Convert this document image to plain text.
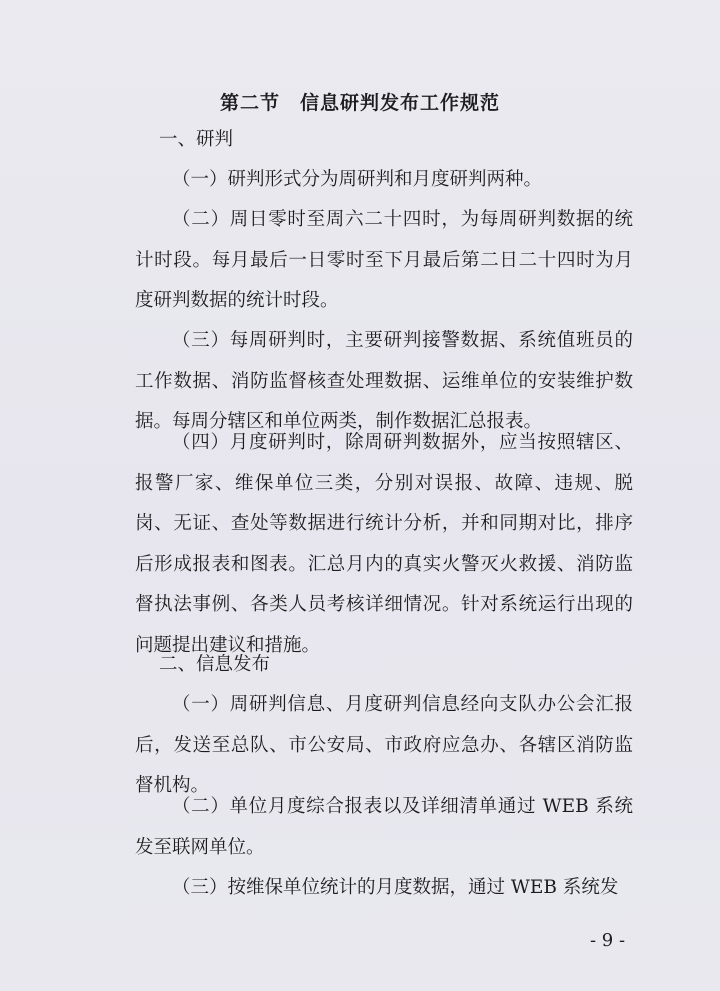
第二节　信息研判发布工作规范

一、研判

（一）研判形式分为周研判和月度研判两种。

（二）周日零时至周六二十四时，为每周研判数据的统计时段。每月最后一日零时至下月最后第二日二十四时为月度研判数据的统计时段。

（三）每周研判时，主要研判接警数据、系统值班员的工作数据、消防监督核查处理数据、运维单位的安装维护数据。每周分辖区和单位两类，制作数据汇总报表。

（四）月度研判时，除周研判数据外，应当按照辖区、报警厂家、维保单位三类，分别对误报、故障、违规、脱岗、无证、查处等数据进行统计分析，并和同期对比，排序后形成报表和图表。汇总月内的真实火警灭火救援、消防监督执法事例、各类人员考核详细情况。针对系统运行出现的问题提出建议和措施。

二、信息发布

（一）周研判信息、月度研判信息经向支队办公会汇报后，发送至总队、市公安局、市政府应急办、各辖区消防监督机构。

（二）单位月度综合报表以及详细清单通过 WEB 系统发至联网单位。

（三）按维保单位统计的月度数据，通过 WEB 系统发

- 9 -
